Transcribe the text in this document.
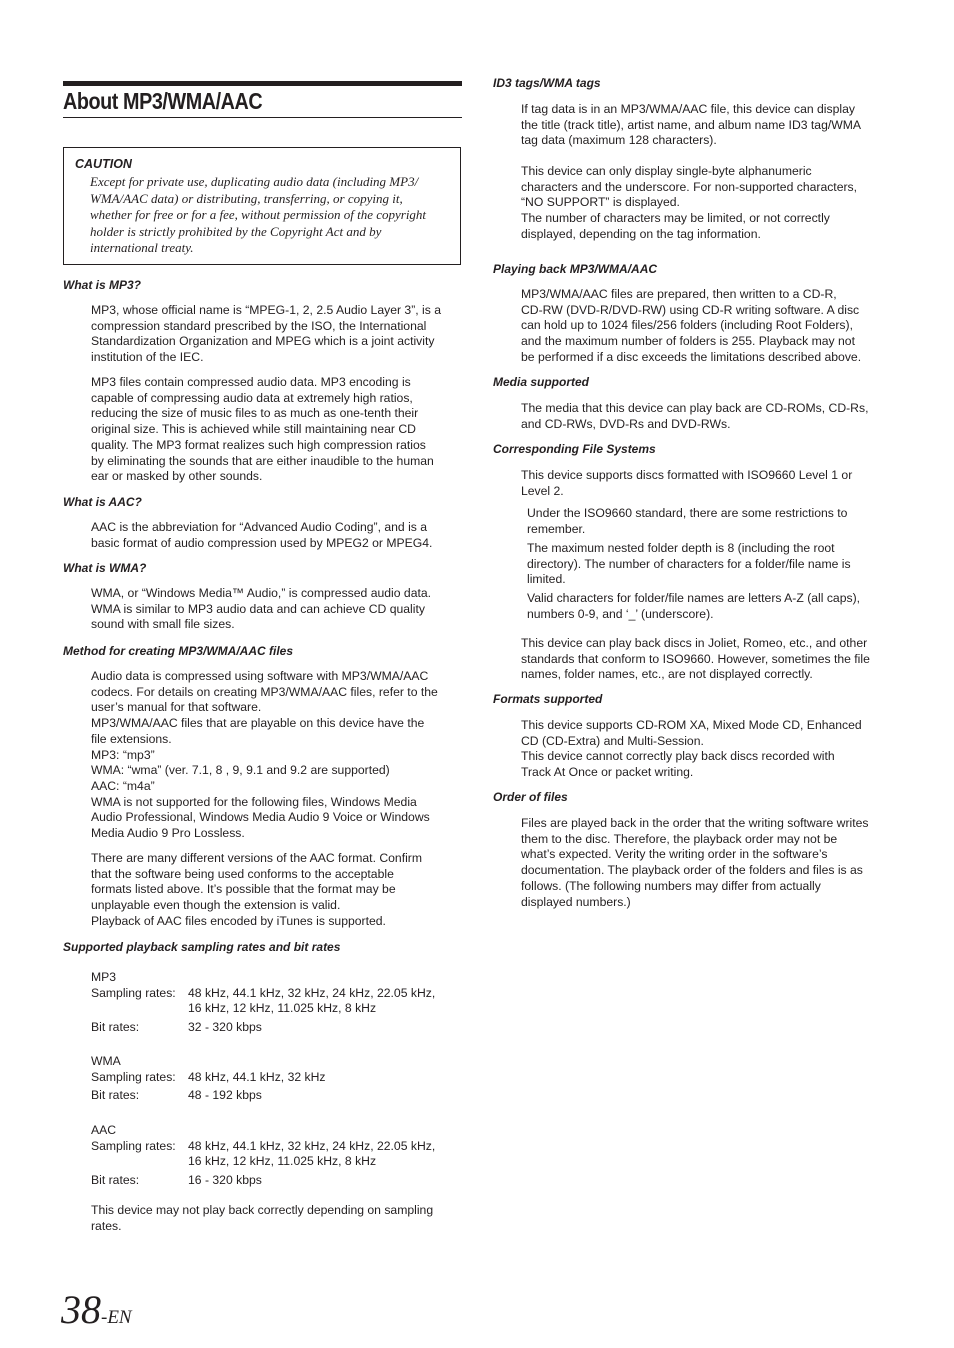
About MP3/WMA/AAC
CAUTION
Except for private use, duplicating audio data (including MP3/
WMA/AAC data) or distributing, transferring, or copying it,
whether for free or for a fee, without permission of the copyright
holder is strictly prohibited by the Copyright Act and by
international treaty.
What is MP3?
MP3, whose official name is “MPEG-1, 2, 2.5 Audio Layer 3”, is a
compression standard prescribed by the ISO, the International
Standardization Organization and MPEG which is a joint activity
institution of the IEC.
MP3 files contain compressed audio data. MP3 encoding is
capable of compressing audio data at extremely high ratios,
reducing the size of music files to as much as one-tenth their
original size. This is achieved while still maintaining near CD
quality. The MP3 format realizes such high compression ratios
by eliminating the sounds that are either inaudible to the human
ear or masked by other sounds.
What is AAC?
AAC is the abbreviation for “Advanced Audio Coding”, and is a
basic format of audio compression used by MPEG2 or MPEG4.
What is WMA?
WMA, or “Windows Media™ Audio,” is compressed audio data.
WMA is similar to MP3 audio data and can achieve CD quality
sound with small file sizes.
Method for creating MP3/WMA/AAC files
Audio data is compressed using software with MP3/WMA/AAC
codecs. For details on creating MP3/WMA/AAC files, refer to the
user’s manual for that software.
MP3/WMA/AAC files that are playable on this device have the
file extensions.
MP3: “mp3”
WMA: “wma” (ver. 7.1, 8 , 9, 9.1 and 9.2 are supported)
AAC: “m4a”
WMA is not supported for the following files, Windows Media
Audio Professional, Windows Media Audio 9 Voice or Windows
Media Audio 9 Pro Lossless.
There are many different versions of the AAC format. Confirm
that the software being used conforms to the acceptable
formats listed above. It’s possible that the format may be
unplayable even though the extension is valid.
Playback of AAC files encoded by iTunes is supported.
Supported playback sampling rates and bit rates
MP3
Sampling rates: 48 kHz, 44.1 kHz, 32 kHz, 24 kHz, 22.05 kHz,
16 kHz, 12 kHz, 11.025 kHz, 8 kHz
Bit rates:	32 - 320 kbps
WMA
Sampling rates: 48 kHz, 44.1 kHz, 32 kHz
Bit rates:	48 - 192 kbps
AAC
Sampling rates: 48 kHz, 44.1 kHz, 32 kHz, 24 kHz, 22.05 kHz,
16 kHz, 12 kHz, 11.025 kHz, 8 kHz
Bit rates:	16 - 320 kbps
This device may not play back correctly depending on sampling
rates.
ID3 tags/WMA tags
If tag data is in an MP3/WMA/AAC file, this device can display
the title (track title), artist name, and album name ID3 tag/WMA
tag data (maximum 128 characters).
This device can only display single-byte alphanumeric
characters and the underscore. For non-supported characters,
“NO SUPPORT” is displayed.
The number of characters may be limited, or not correctly
displayed, depending on the tag information.
Playing back MP3/WMA/AAC
MP3/WMA/AAC files are prepared, then written to a CD-R,
CD-RW (DVD-R/DVD-RW) using CD-R writing software. A disc
can hold up to 1024 files/256 folders (including Root Folders),
and the maximum number of folders is 255. Playback may not
be performed if a disc exceeds the limitations described above.
Media supported
The media that this device can play back are CD-ROMs, CD-Rs,
and CD-RWs, DVD-Rs and DVD-RWs.
Corresponding File Systems
This device supports discs formatted with ISO9660 Level 1 or
Level 2.
Under the ISO9660 standard, there are some restrictions to
remember.
The maximum nested folder depth is 8 (including the root
directory). The number of characters for a folder/file name is
limited.
Valid characters for folder/file names are letters A-Z (all caps),
numbers 0-9, and ‘_’ (underscore).
This device can play back discs in Joliet, Romeo, etc., and other
standards that conform to ISO9660. However, sometimes the file
names, folder names, etc., are not displayed correctly.
Formats supported
This device supports CD-ROM XA, Mixed Mode CD, Enhanced
CD (CD-Extra) and Multi-Session.
This device cannot correctly play back discs recorded with
Track At Once or packet writing.
Order of files
Files are played back in the order that the writing software writes
them to the disc. Therefore, the playback order may not be
what’s expected. Verity the writing order in the software’s
documentation. The playback order of the folders and files is as
follows. (The following numbers may differ from actually
displayed numbers.)
38-EN
